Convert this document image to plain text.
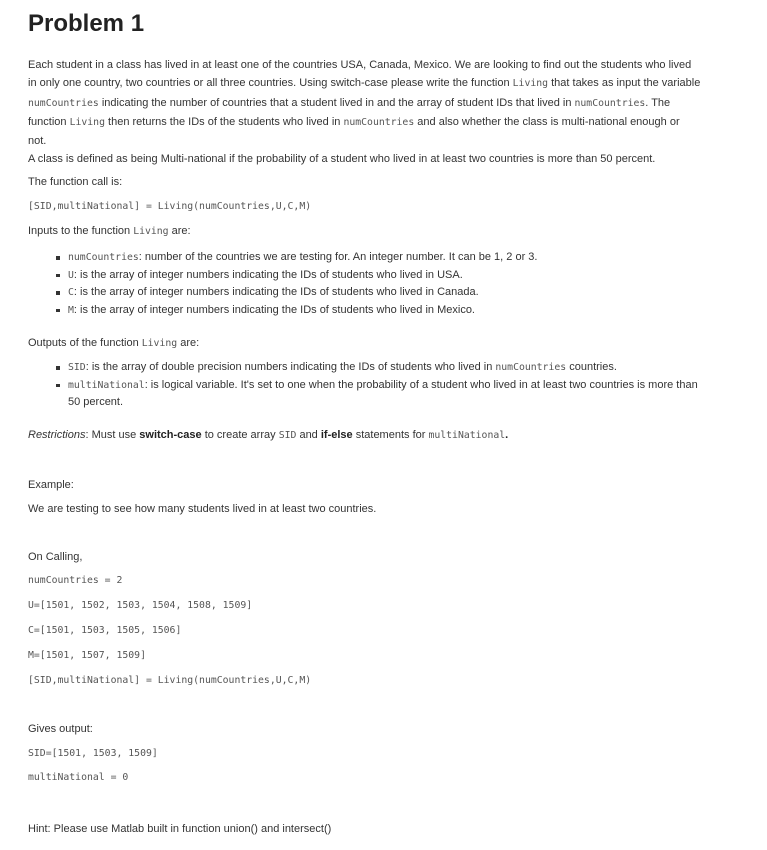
Problem 1
Each student in a class has lived in at least one of the countries USA, Canada, Mexico. We are looking to find out the students who lived
in only one country, two countries or all three countries. Using switch-case please write the function Living that takes as input the variable
numCountries indicating the number of countries that a student lived in and the array of student IDs that lived in numCountries. The
function Living then returns the IDs of the students who lived in numCountries and also whether the class is multi-national enough or
not.

A class is defined as being Multi-national if the probability of a student who lived in at least two countries is more than 50 percent.

The function call is:

[SID,multiNational] = Living(numCountries,U,C,M)

Inputs to the function Living are:

numCountries: number of the countries we are testing for. An integer number. It can be 1, 2 or 3.
U: is the array of integer numbers indicating the IDs of students who lived in USA.
C: is the array of integer numbers indicating the IDs of students who lived in Canada.
M: is the array of integer numbers indicating the IDs of students who lived in Mexico.

Outputs of the function Living are:

SID: is the array of double precision numbers indicating the IDs of students who lived in numCountries countries.
multiNational: is logical variable. It's set to one when the probability of a student who lived in at least two countries is more than
50 percent.

Restrictions: Must use switch-case to create array SID and if-else statements for multiNational.

Example:

We are testing to see how many students lived in at least two countries.

On Calling,

numCountries = 2

U=[1501, 1502, 1503, 1504, 1508, 1509]

C=[1501, 1503, 1505, 1506]

M=[1501, 1507, 1509]

[SID,multiNational] = Living(numCountries,U,C,M)

Gives output:

SID=[1501, 1503, 1509]

multiNational = 0

Hint: Please use Matlab built in function union() and intersect()
